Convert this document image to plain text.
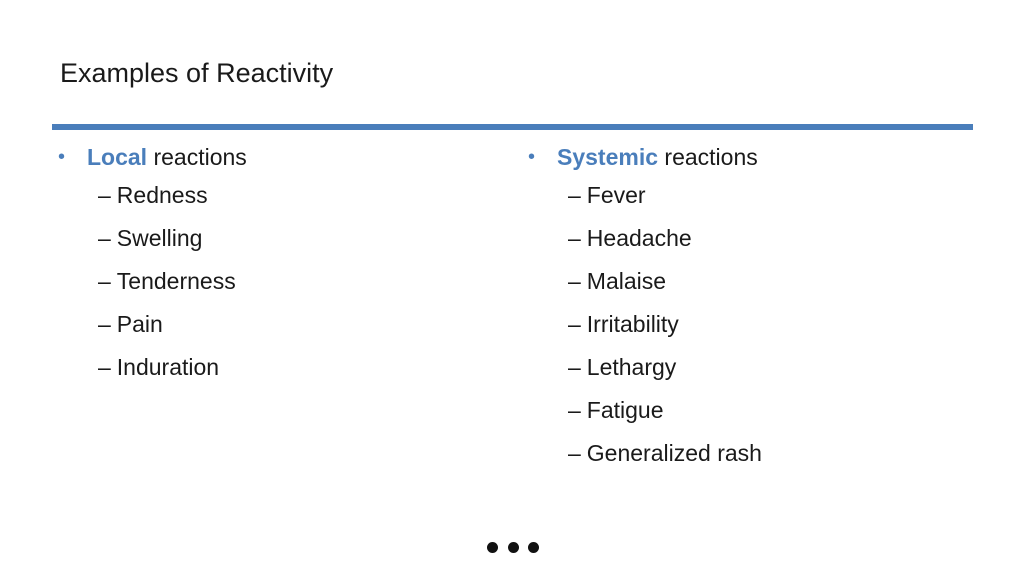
Examples of Reactivity
• Local reactions
– Redness
– Swelling
– Tenderness
– Pain
– Induration
• Systemic reactions
– Fever
– Headache
– Malaise
– Irritability
– Lethargy
– Fatigue
– Generalized rash
